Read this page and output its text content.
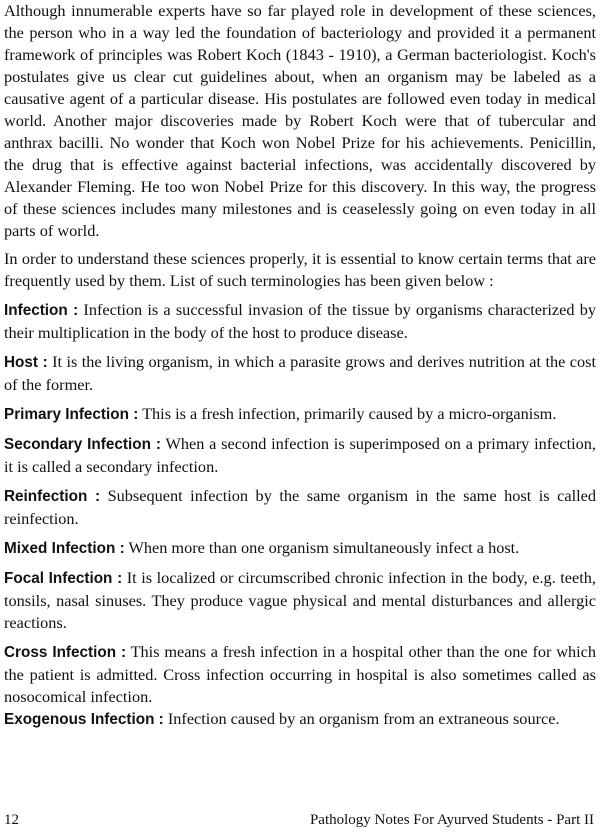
Although innumerable experts have so far played role in development of these sciences, the person who in a way led the foundation of bacteriology and provided it a permanent framework of principles was Robert Koch (1843 - 1910), a German bacteriologist. Koch's postulates give us clear cut guidelines about, when an organism may be labeled as a causative agent of a particular disease. His postulates are followed even today in medical world. Another major discoveries made by Robert Koch were that of tubercular and anthrax bacilli. No wonder that Koch won Nobel Prize for his achievements. Penicillin, the drug that is effective against bacterial infections, was accidentally discovered by Alexander Fleming. He too won Nobel Prize for this discovery. In this way, the progress of these sciences includes many milestones and is ceaselessly going on even today in all parts of world.

In order to understand these sciences properly, it is essential to know certain terms that are frequently used by them. List of such terminologies has been given below :

Infection : Infection is a successful invasion of the tissue by organisms characterized by their multiplication in the body of the host to produce disease.

Host : It is the living organism, in which a parasite grows and derives nutrition at the cost of the former.

Primary Infection : This is a fresh infection, primarily caused by a micro-organism.

Secondary Infection : When a second infection is superimposed on a primary infection, it is called a secondary infection.

Reinfection : Subsequent infection by the same organism in the same host is called reinfection.

Mixed Infection : When more than one organism simultaneously infect a host.

Focal Infection : It is localized or circumscribed chronic infection in the body, e.g. teeth, tonsils, nasal sinuses. They produce vague physical and mental disturbances and allergic reactions.

Cross Infection : This means a fresh infection in a hospital other than the one for which the patient is admitted. Cross infection occurring in hospital is also sometimes called as nosocomical infection.

Exogenous Infection : Infection caused by an organism from an extraneous source.

12	Pathology Notes For Ayurved Students - Part II
